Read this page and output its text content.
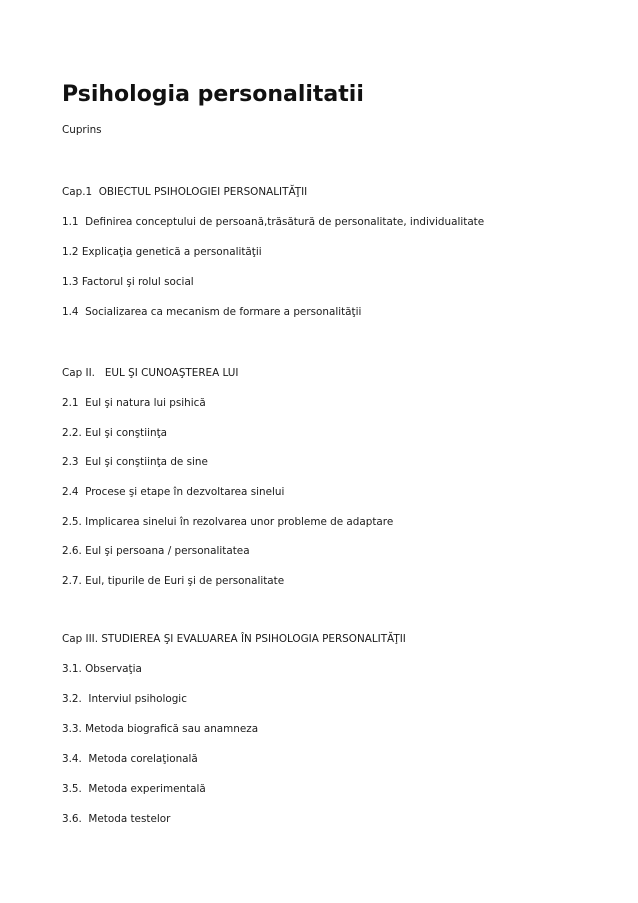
Psihologia personalitatii

Cuprins

Cap.1  OBIECTUL PSIHOLOGIEI PERSONALITĂŢII

1.1  Definirea conceptului de persoană,trăsătură de personalitate, individualitate

1.2 Explicaţia genetică a personalităţii

1.3 Factorul şi rolul social

1.4  Socializarea ca mecanism de formare a personalităţii

Cap II.   EUL ŞI CUNOAŞTEREA LUI

2.1  Eul şi natura lui psihică

2.2. Eul şi conştiinţa

2.3  Eul şi conştiinţa de sine

2.4  Procese şi etape în dezvoltarea sinelui

2.5. Implicarea sinelui în rezolvarea unor probleme de adaptare

2.6. Eul şi persoana / personalitatea

2.7. Eul, tipurile de Euri şi de personalitate

Cap III. STUDIEREA ŞI EVALUAREA ÎN PSIHOLOGIA PERSONALITĂŢII

3.1. Observaţia

3.2.  Interviul psihologic

3.3. Metoda biografică sau anamneza

3.4.  Metoda corelaţională

3.5.  Metoda experimentală

3.6.  Metoda testelor
